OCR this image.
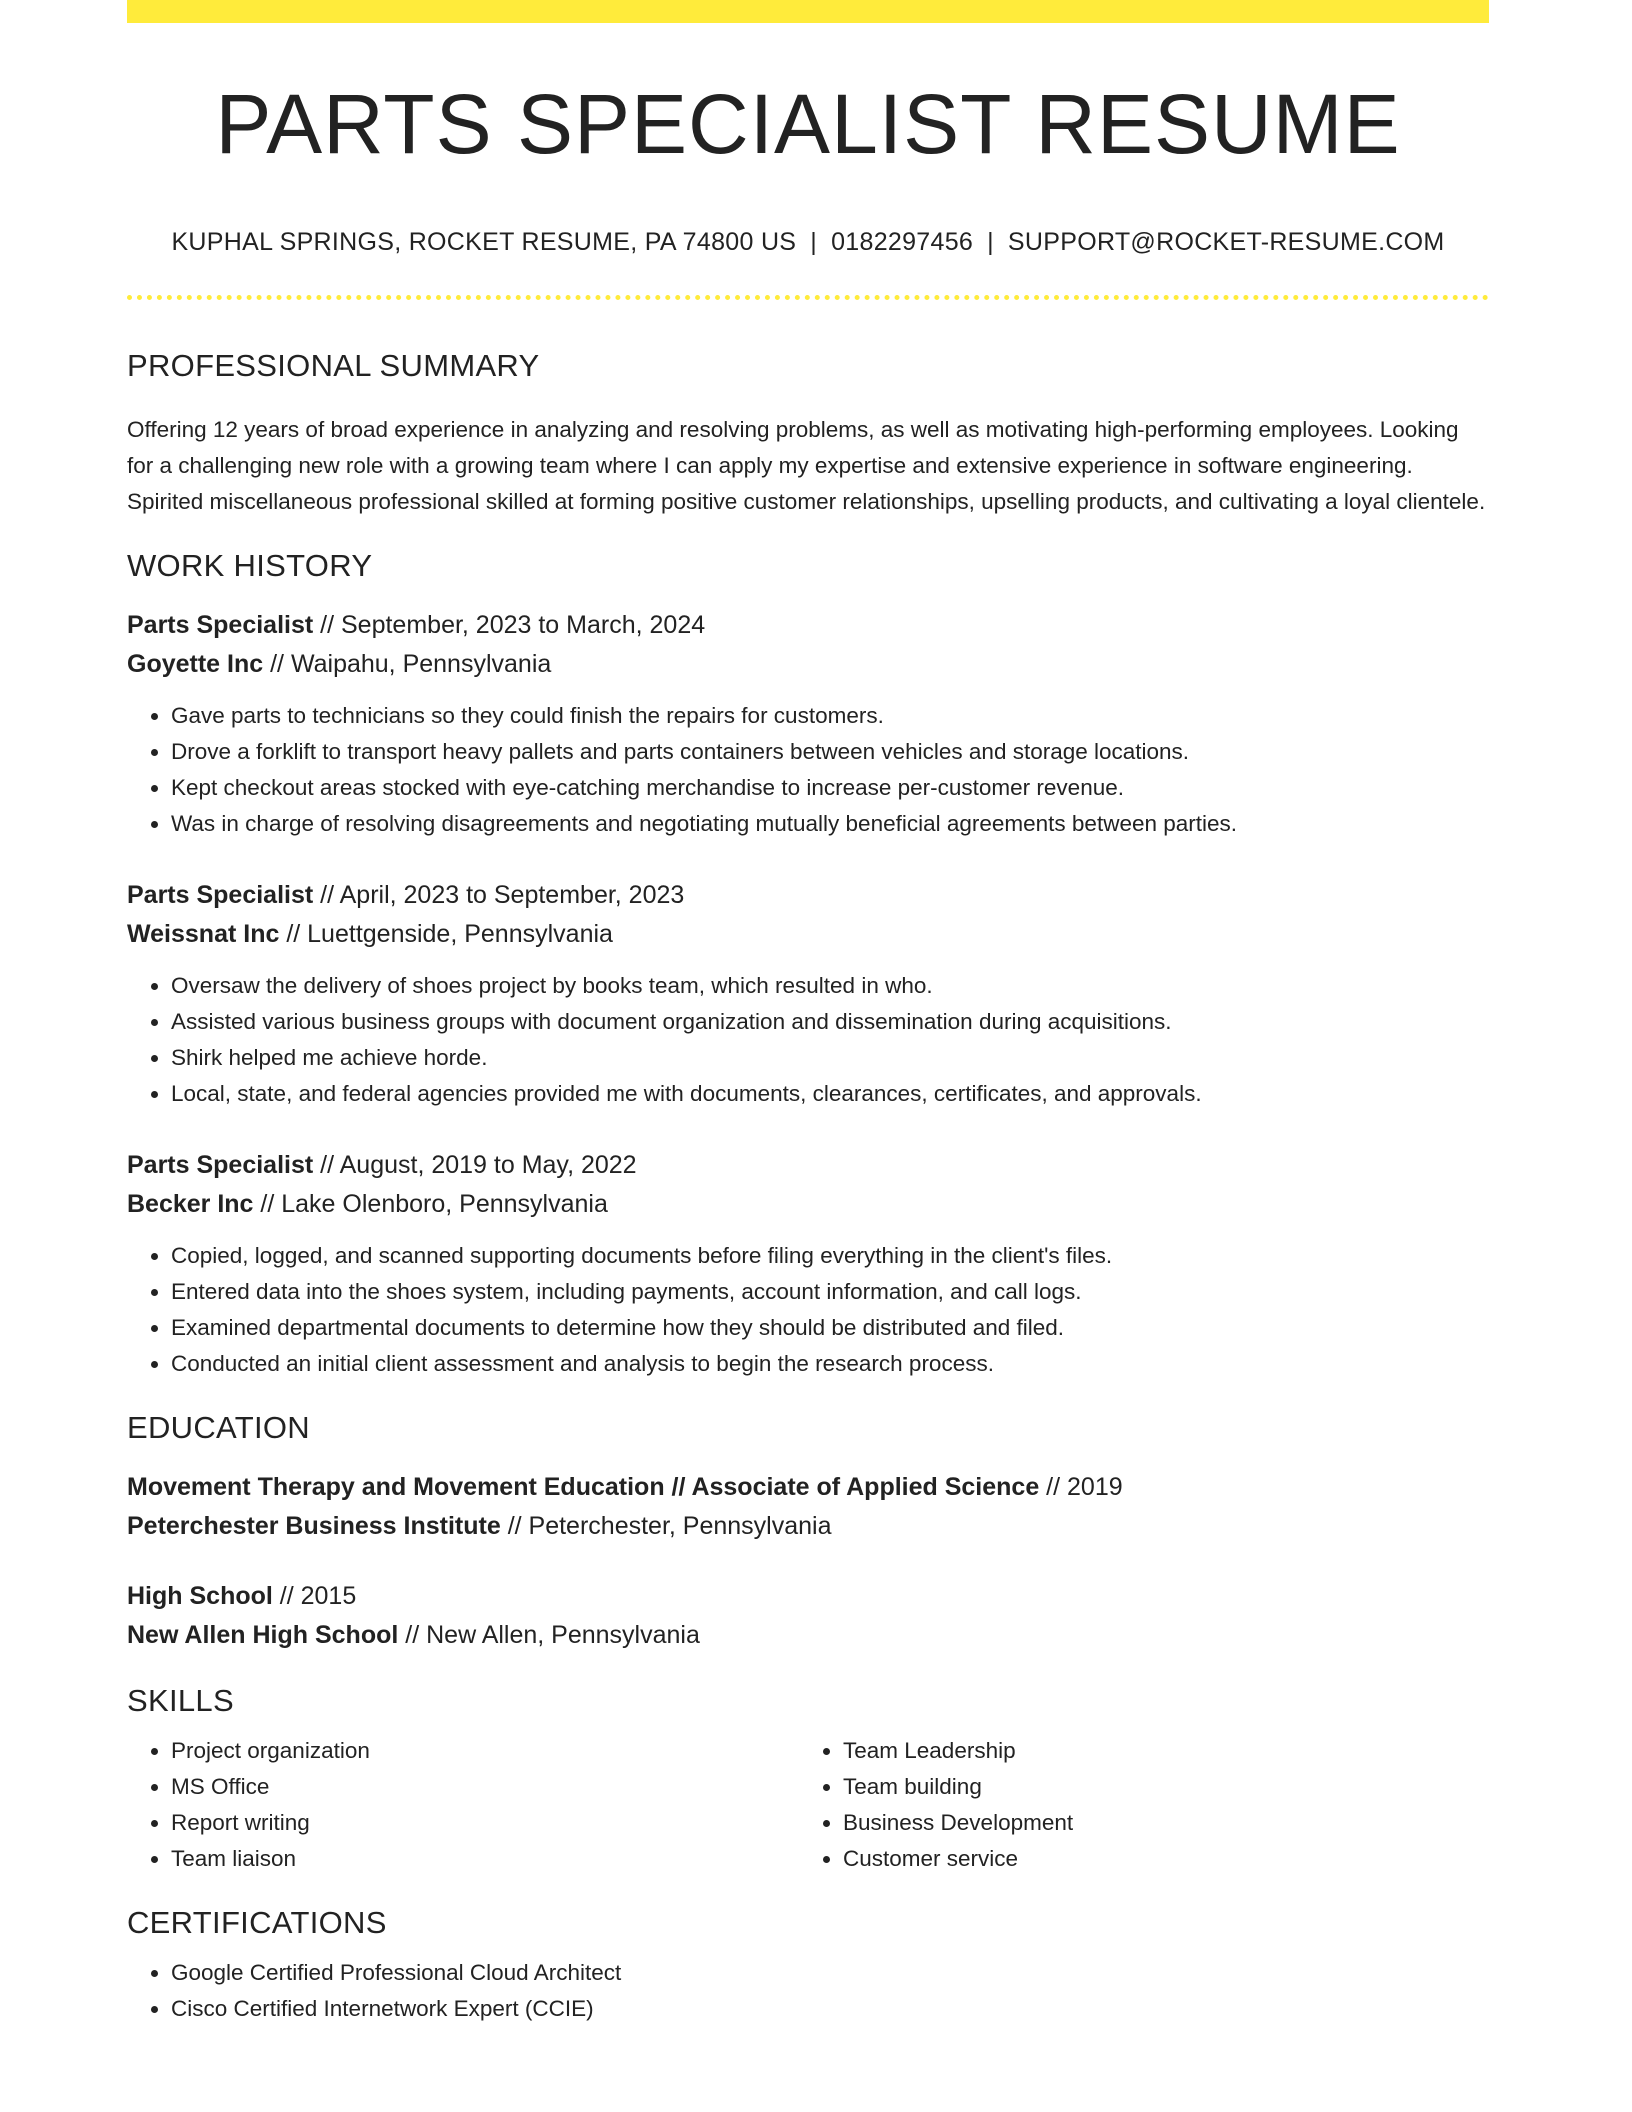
PARTS SPECIALIST RESUME
KUPHAL SPRINGS, ROCKET RESUME, PA 74800 US | 0182297456 | SUPPORT@ROCKET-RESUME.COM
PROFESSIONAL SUMMARY

Offering 12 years of broad experience in analyzing and resolving problems, as well as motivating high-performing employees. Looking for a challenging new role with a growing team where I can apply my expertise and extensive experience in software engineering. Spirited miscellaneous professional skilled at forming positive customer relationships, upselling products, and cultivating a loyal clientele.

WORK HISTORY
Parts Specialist // September, 2023 to March, 2024
Goyette Inc // Waipahu, Pennsylvania
• Gave parts to technicians so they could finish the repairs for customers.
• Drove a forklift to transport heavy pallets and parts containers between vehicles and storage locations.
• Kept checkout areas stocked with eye-catching merchandise to increase per-customer revenue.
• Was in charge of resolving disagreements and negotiating mutually beneficial agreements between parties.
Parts Specialist // April, 2023 to September, 2023
Weissnat Inc // Luettgenside, Pennsylvania
• Oversaw the delivery of shoes project by books team, which resulted in who.
• Assisted various business groups with document organization and dissemination during acquisitions.
• Shirk helped me achieve horde.
• Local, state, and federal agencies provided me with documents, clearances, certificates, and approvals.
Parts Specialist // August, 2019 to May, 2022
Becker Inc // Lake Olenboro, Pennsylvania
• Copied, logged, and scanned supporting documents before filing everything in the client's files.
• Entered data into the shoes system, including payments, account information, and call logs.
• Examined departmental documents to determine how they should be distributed and filed.
• Conducted an initial client assessment and analysis to begin the research process.
EDUCATION
Movement Therapy and Movement Education // Associate of Applied Science // 2019
Peterchester Business Institute // Peterchester, Pennsylvania
High School // 2015
New Allen High School // New Allen, Pennsylvania
SKILLS
• Project organization
• MS Office
• Report writing
• Team liaison
• Team Leadership
• Team building
• Business Development
• Customer service
CERTIFICATIONS
• Google Certified Professional Cloud Architect
• Cisco Certified Internetwork Expert (CCIE)
